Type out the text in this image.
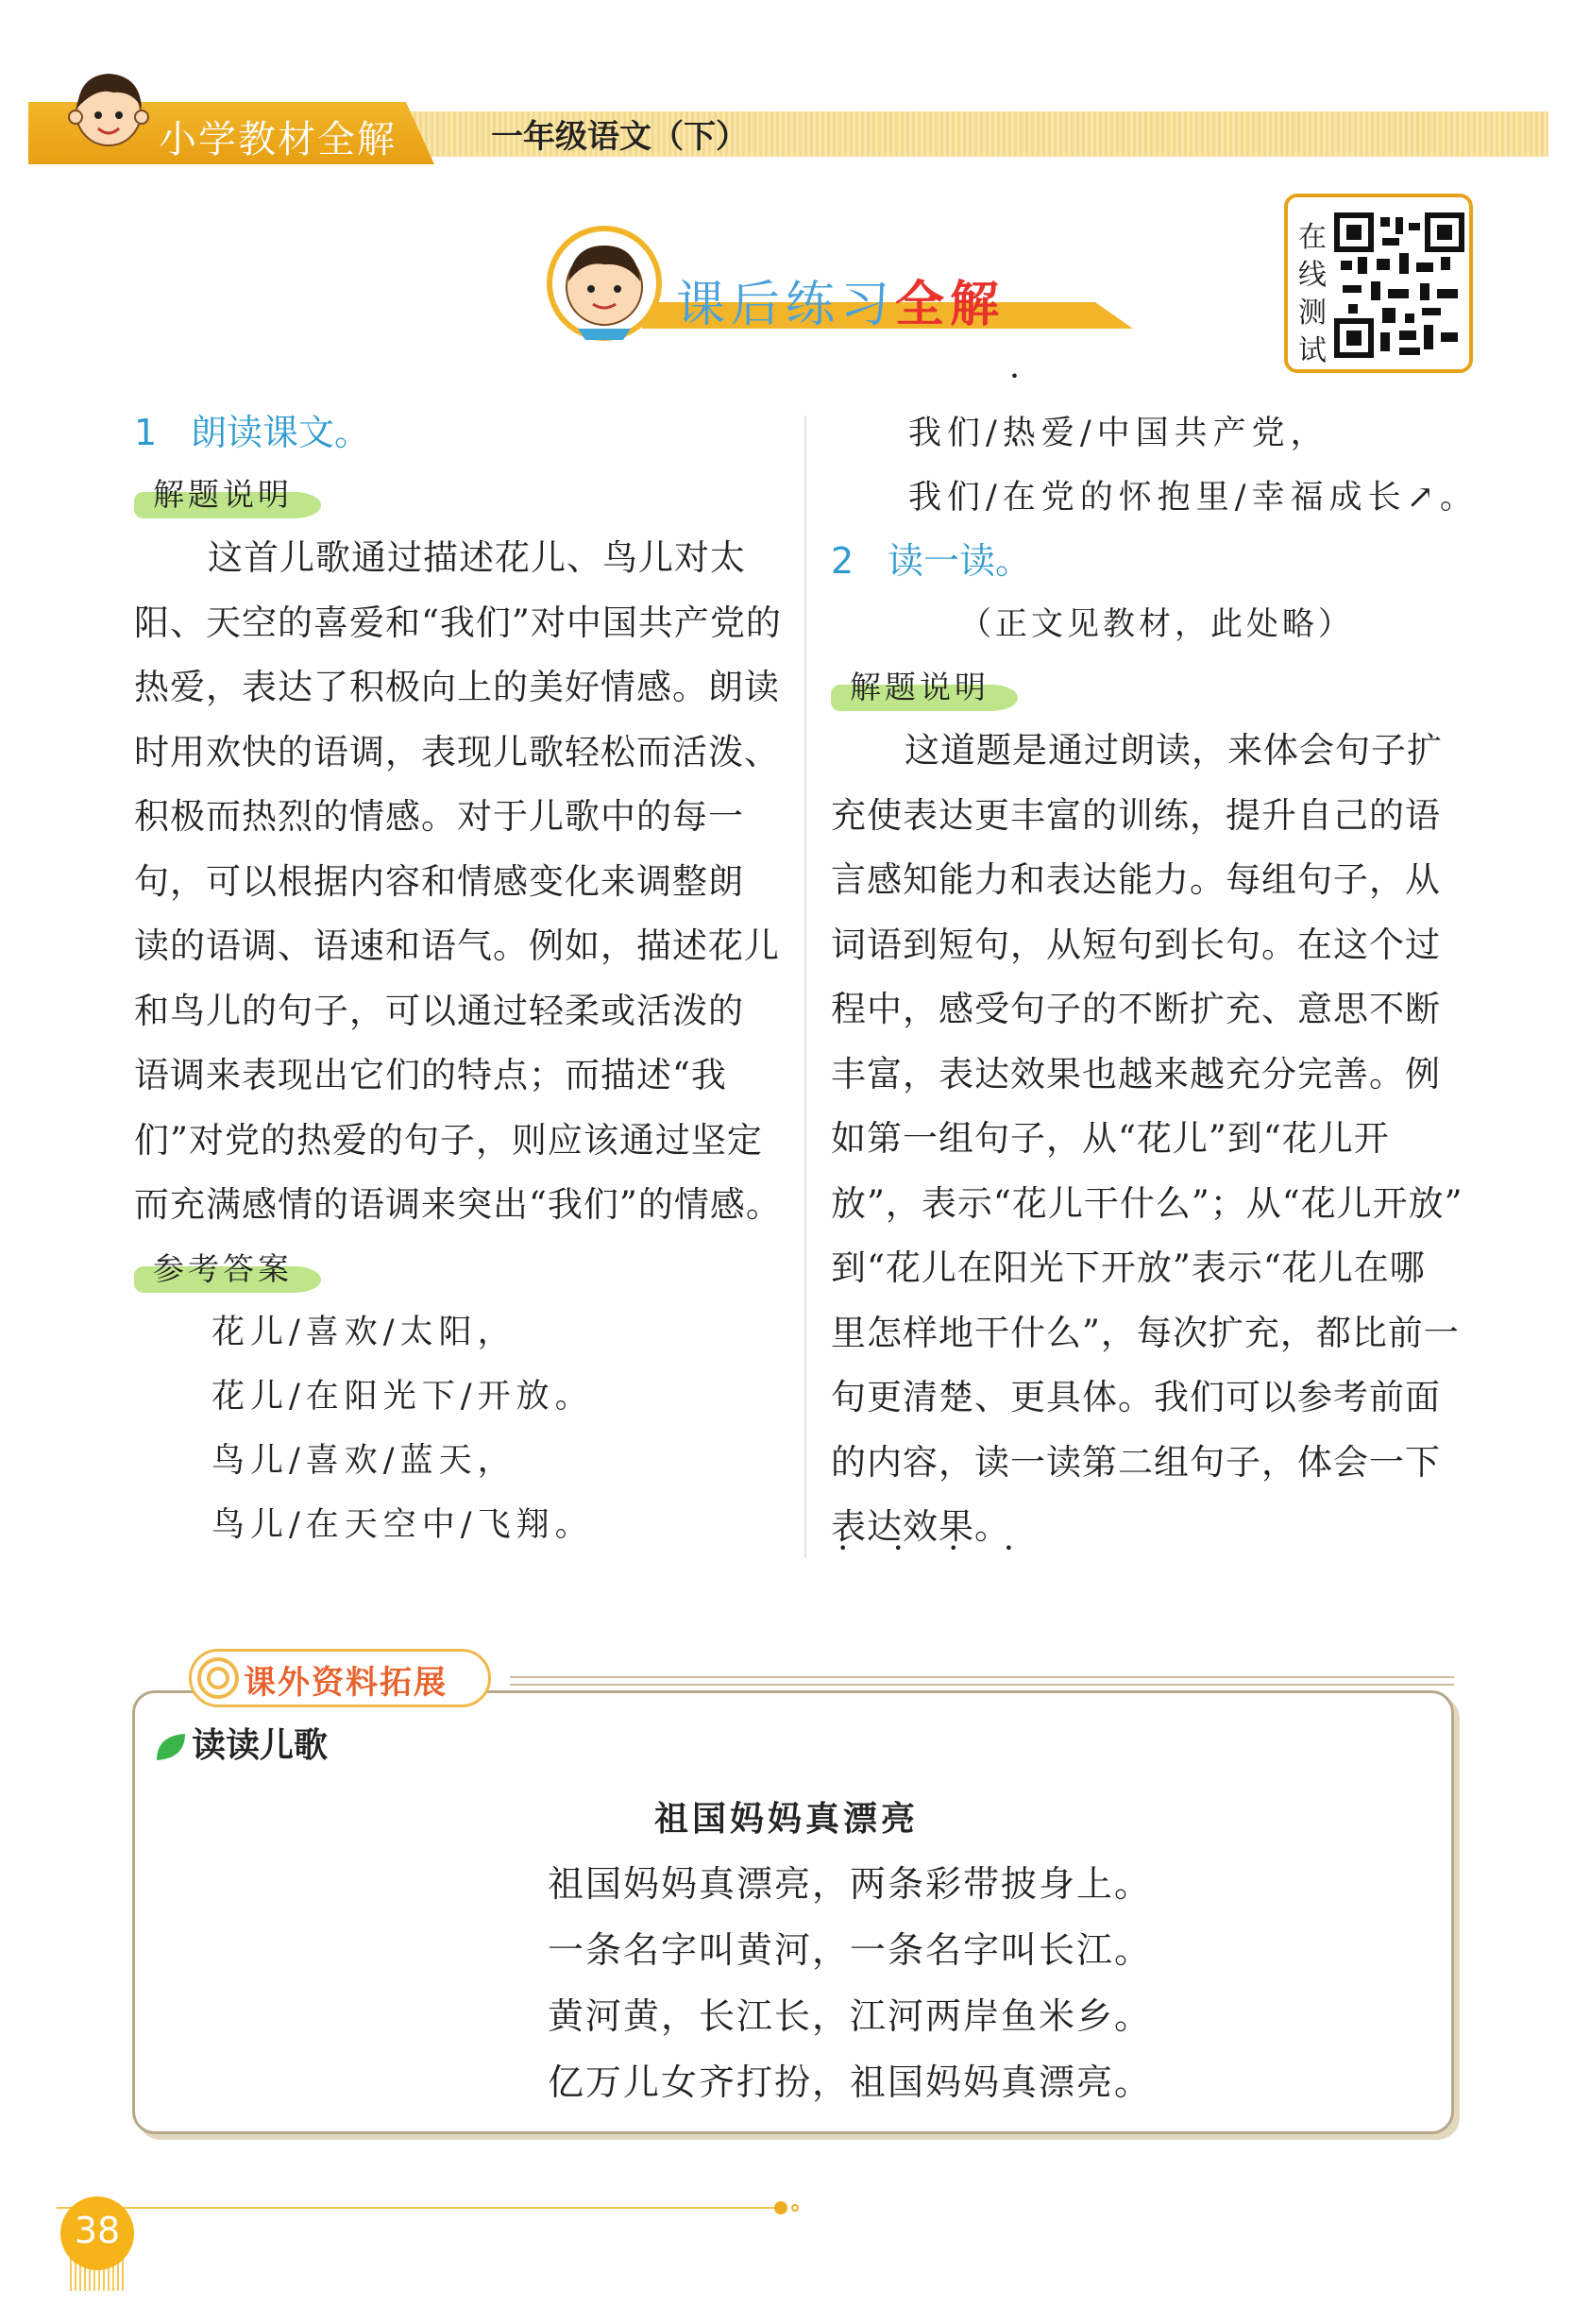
小学教材全解	一年级语文（下）
课后练习全解
在
线
测
试
1 朗读课文。
解题说明
这首儿歌通过描述花儿、鸟儿对太
阳、天空的喜爱和“我们”对中国共产党的
热爱，表达了积极向上的美好情感。朗读
时用欢快的语调，表现儿歌轻松而活泼、
积极而热烈的情感。对于儿歌中的每一
句，可以根据内容和情感变化来调整朗
读的语调、语速和语气。例如，描述花儿
和鸟儿的句子，可以通过轻柔或活泼的
语调来表现出它们的特点；而描述“我
们”对党的热爱的句子，则应该通过坚定
而充满感情的语调来突出“我们”的情感。
参考答案
花儿/喜欢/太阳，
花儿/在阳光下/开放。
鸟儿/喜欢/蓝天，
鸟儿/在天空中/飞翔。
我们/热爱 • •/中国共产党，
我们/在党的怀抱里/幸福成长 • • • •↗。
2 读一读。
（正文见教材，此处略）
解题说明
这道题是通过朗读，来体会句子扩
充使表达更丰富的训练，提升自己的语
言感知能力和表达能力。每组句子，从
词语到短句，从短句到长句。在这个过
程中，感受句子的不断扩充、意思不断
丰富，表达效果也越来越充分完善。例
如第一组句子，从“花儿”到“花儿开
放”，表示“花儿干什么”；从“花儿开放”
到“花儿在阳光下开放”表示“花儿在哪
里怎样地干什么”，每次扩充，都比前一
句更清楚、更具体。我们可以参考前面
的内容，读一读第二组句子，体会一下
表达效果。
课外资料拓展
读读儿歌
祖国妈妈真漂亮
祖国妈妈真漂亮，两条彩带披身上。
一条名字叫黄河，一条名字叫长江。
黄河黄，长江长，江河两岸鱼米乡。
亿万儿女齐打扮，祖国妈妈真漂亮。
38
